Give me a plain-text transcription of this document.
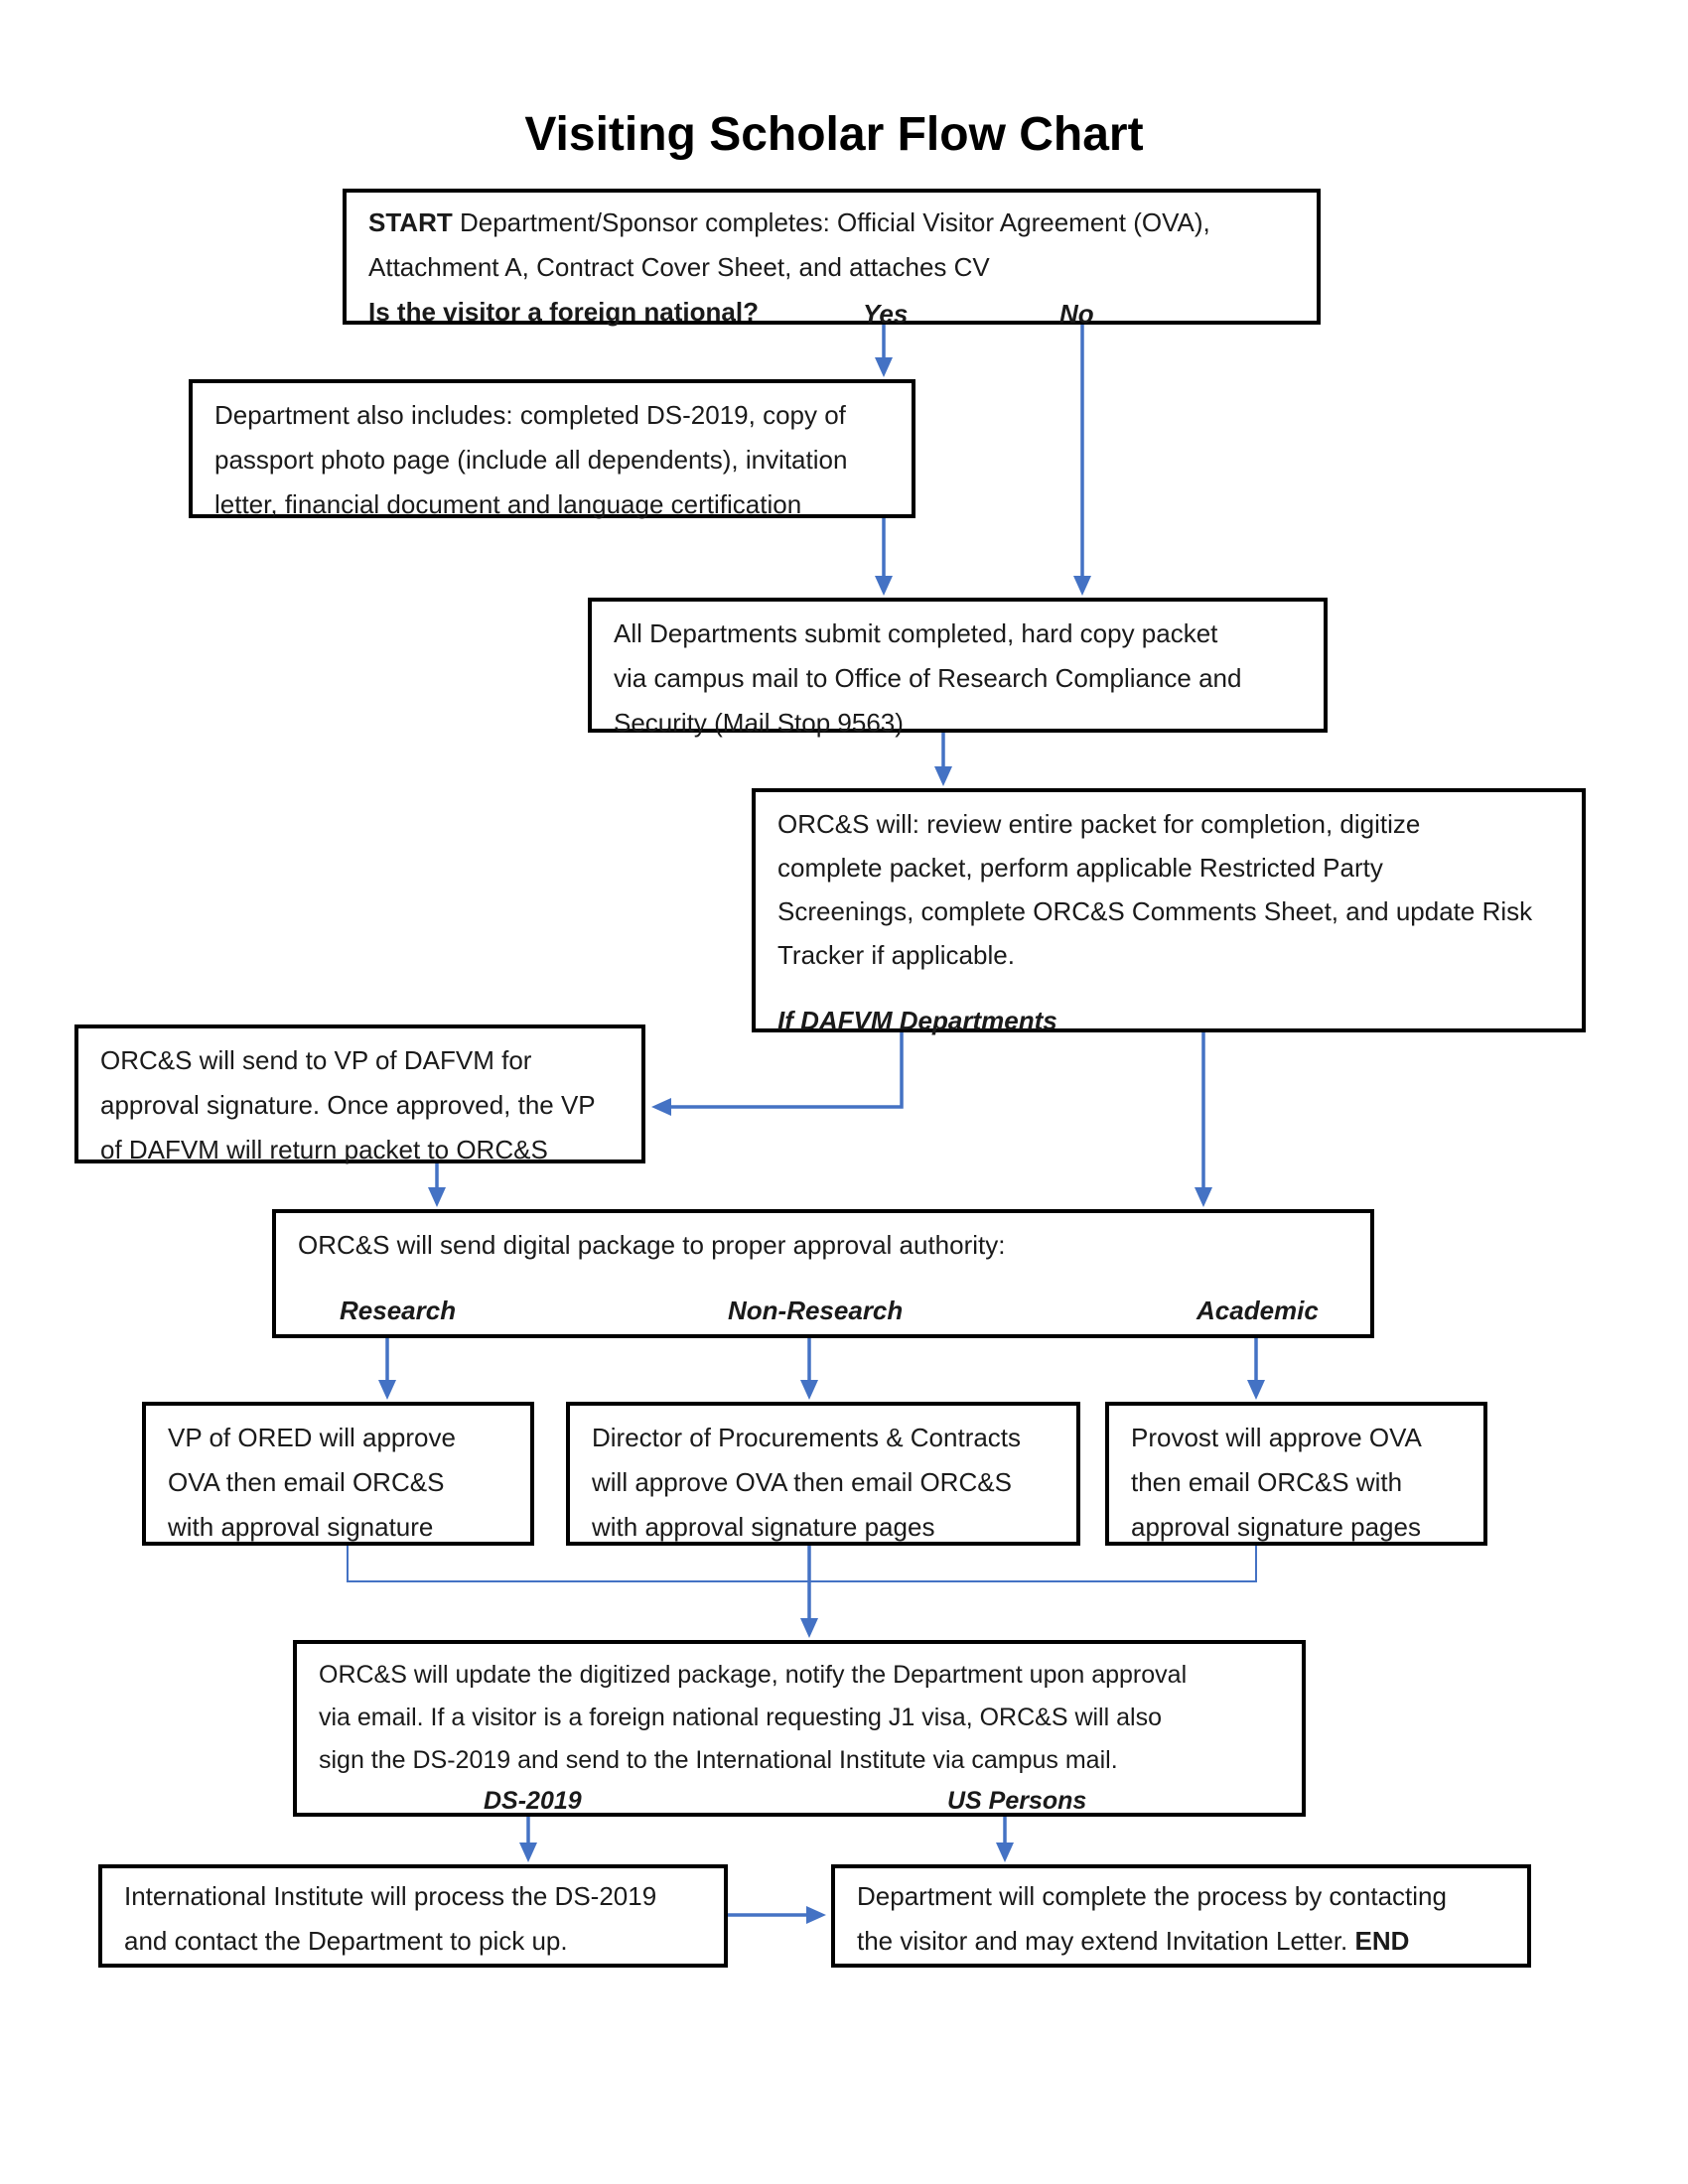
Visiting Scholar Flow Chart
START Department/Sponsor completes: Official Visitor Agreement (OVA),
Attachment A, Contract Cover Sheet, and attaches CV
Is the visitor a foreign national?	Yes	No
Department also includes: completed DS-2019, copy of
passport photo page (include all dependents), invitation
letter, financial document and language certification
All Departments submit completed, hard copy packet
via campus mail to Office of Research Compliance and
Security (Mail Stop 9563)
ORC&S will: review entire packet for completion, digitize
complete packet, perform applicable Restricted Party
Screenings, complete ORC&S Comments Sheet, and update Risk
Tracker if applicable.
If DAFVM Departments
ORC&S will send to VP of DAFVM for
approval signature. Once approved, the VP
of DAFVM will return packet to ORC&S
ORC&S will send digital package to proper approval authority:
Research	Non-Research	Academic
VP of ORED will approve
OVA then email ORC&S
with approval signature
Director of Procurements & Contracts
will approve OVA then email ORC&S
with approval signature pages
Provost will approve OVA
then email ORC&S with
approval signature pages
ORC&S will update the digitized package, notify the Department upon approval
via email. If a visitor is a foreign national requesting J1 visa, ORC&S will also
sign the DS-2019 and send to the International Institute via campus mail.
DS-2019	US Persons
International Institute will process the DS-2019
and contact the Department to pick up.
Department will complete the process by contacting
the visitor and may extend Invitation Letter. END
